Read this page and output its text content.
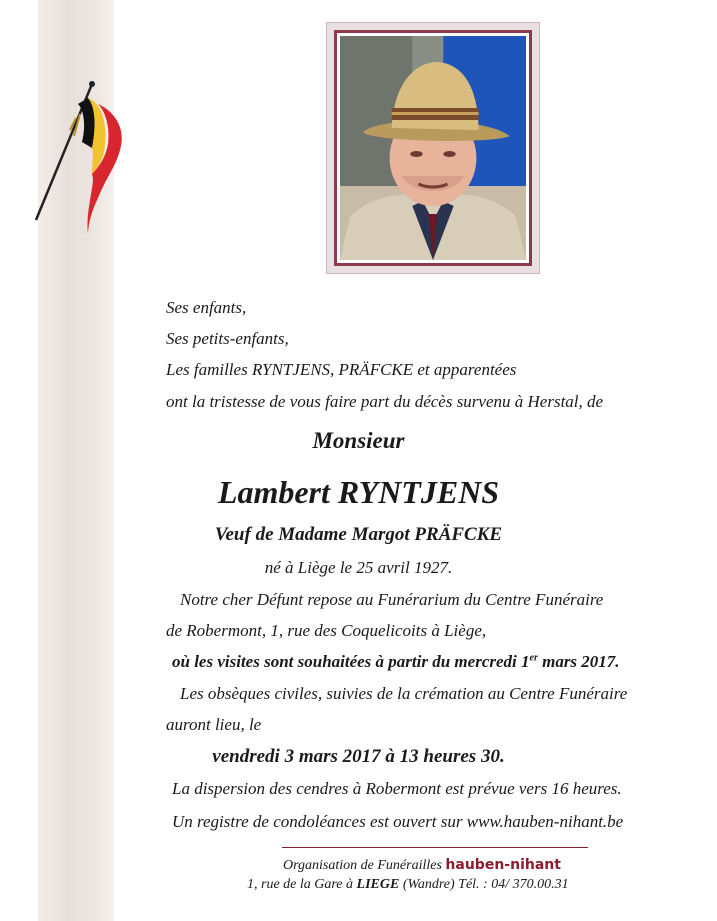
Ses enfants,
Ses petits-enfants,
Les familles RYNTJENS, PRÄFCKE et apparentées
ont la tristesse de vous faire part du décès survenu à Herstal, de
Monsieur
Lambert RYNTJENS
Veuf de Madame Margot PRÄFCKE
né à Liège le 25 avril 1927.
Notre cher Défunt repose au Funérarium du Centre Funéraire
de Robermont, 1, rue des Coquelicoits à Liège,
où les visites sont souhaitées à partir du mercredi 1er mars 2017.
Les obsèques civiles, suivies de la crémation au Centre Funéraire
auront lieu, le
vendredi 3 mars 2017 à 13 heures 30.
La dispersion des cendres à Robermont est prévue vers 16 heures.
Un registre de condoléances est ouvert sur www.hauben-nihant.be
Organisation de Funérailles hauben-nihant
1, rue de la Gare à LIEGE (Wandre) Tél. : 04/ 370.00.31
